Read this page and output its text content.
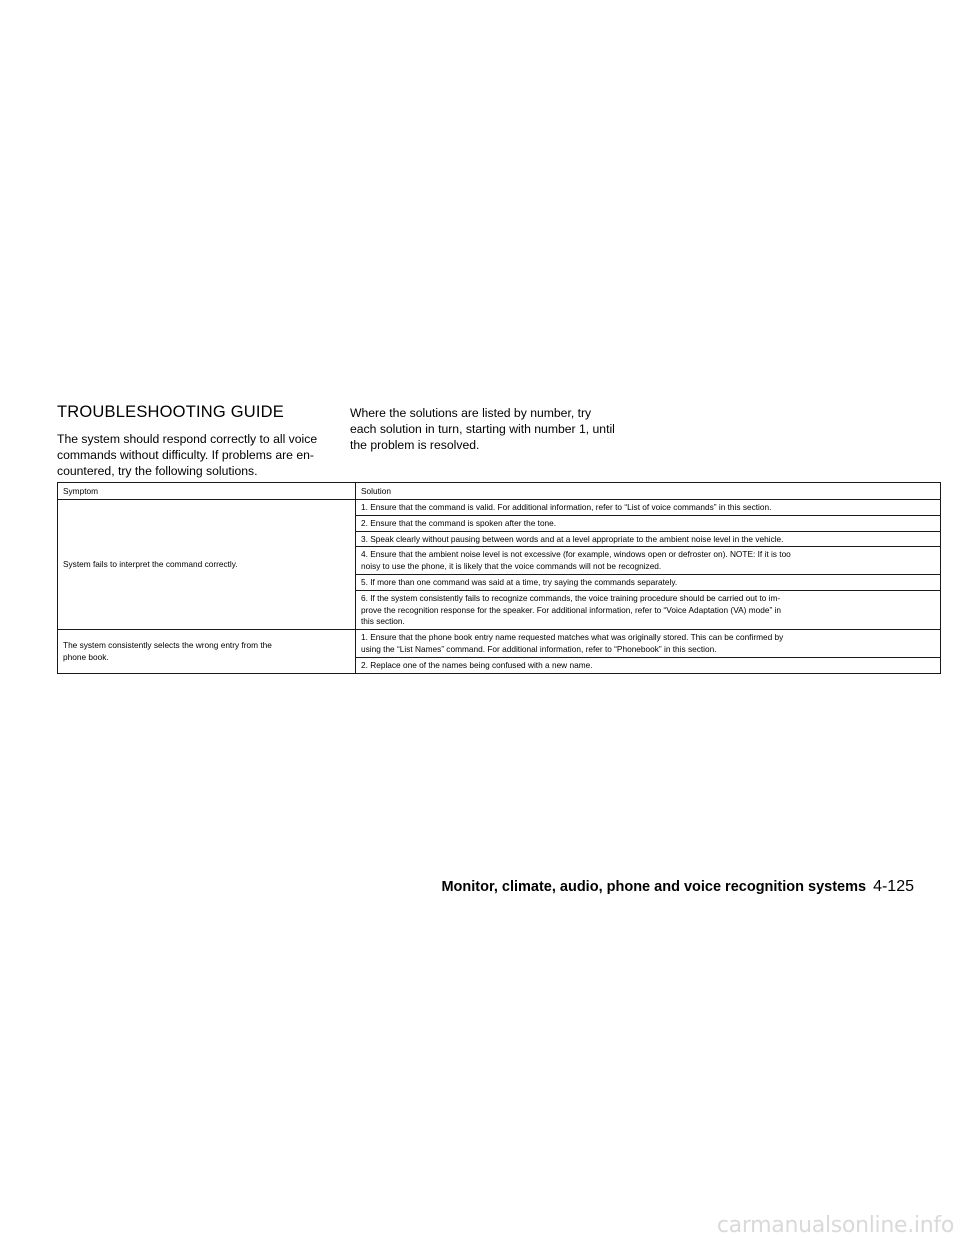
TROUBLESHOOTING GUIDE

The system should respond correctly to all voice
commands without difficulty. If problems are en-
countered, try the following solutions.

Where the solutions are listed by number, try
each solution in turn, starting with number 1, until
the problem is resolved.

Symptom	Solution
System fails to interpret the command correctly.	1. Ensure that the command is valid. For additional information, refer to “List of voice commands” in this section.
	2. Ensure that the command is spoken after the tone.
	3. Speak clearly without pausing between words and at a level appropriate to the ambient noise level in the vehicle.
	4. Ensure that the ambient noise level is not excessive (for example, windows open or defroster on). NOTE: If it is too
noisy to use the phone, it is likely that the voice commands will not be recognized.
	5. If more than one command was said at a time, try saying the commands separately.
	6. If the system consistently fails to recognize commands, the voice training procedure should be carried out to im-
prove the recognition response for the speaker. For additional information, refer to “Voice Adaptation (VA) mode” in
this section.
The system consistently selects the wrong entry from the
phone book.	1. Ensure that the phone book entry name requested matches what was originally stored. This can be confirmed by
using the “List Names” command. For additional information, refer to “Phonebook” in this section.
	2. Replace one of the names being confused with a new name.
Monitor, climate, audio, phone and voice recognition systems 4-125
carmanualsonline.info
